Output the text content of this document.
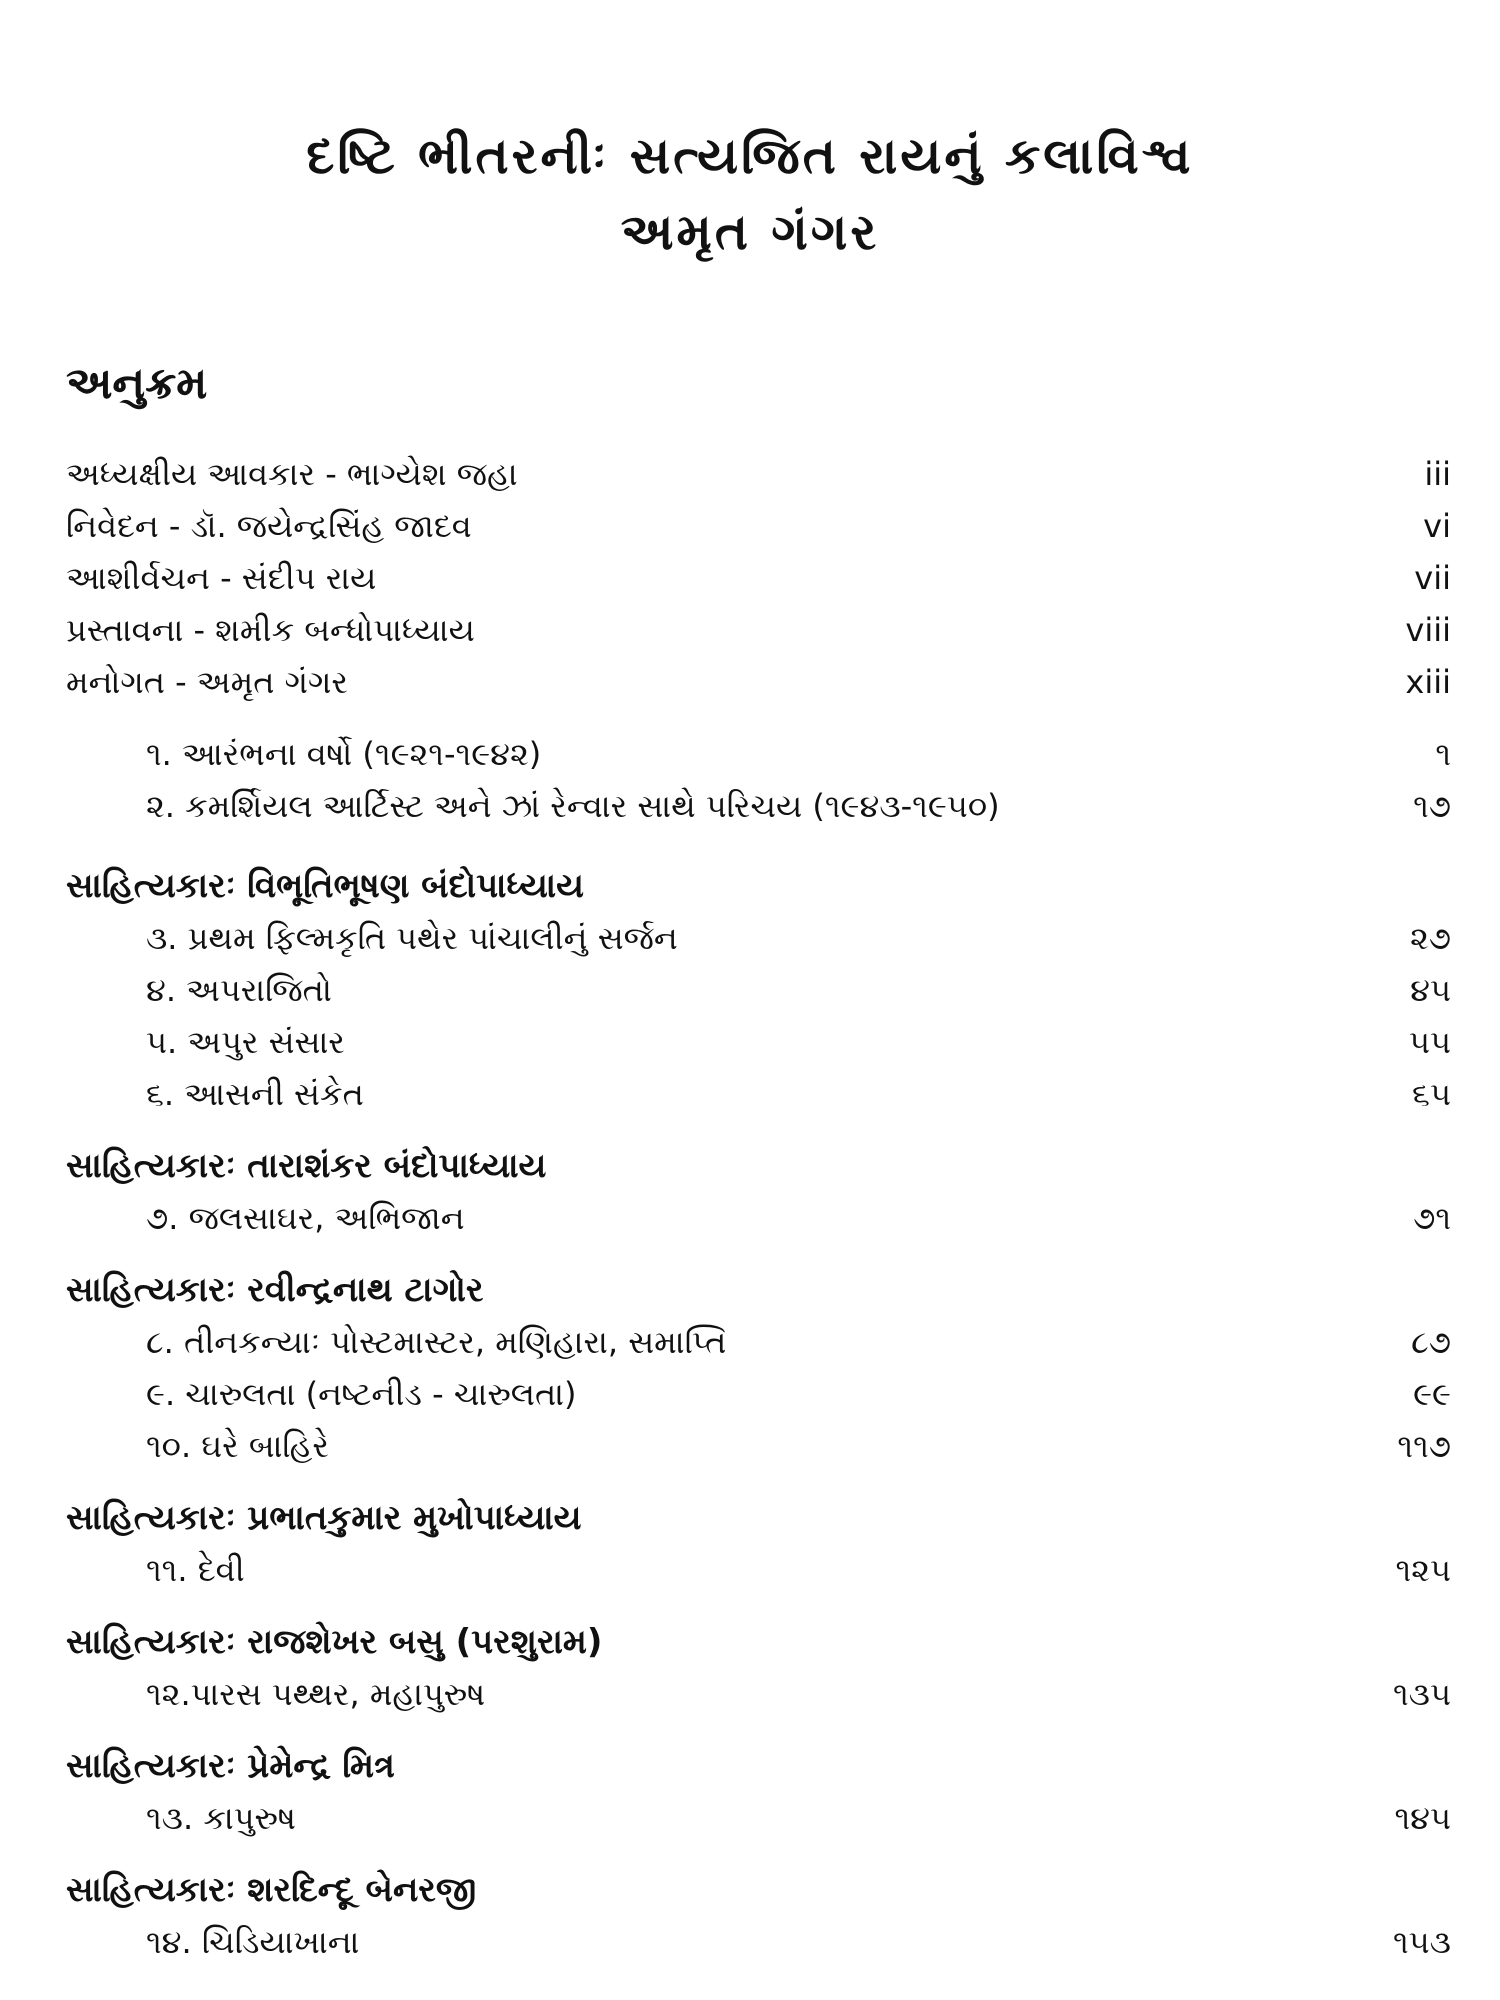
દષ્ટિ ભીતરનીઃ સત્યજિત રાયનું કલાવિશ્વ
અમૃત ગંગર
અનુક્રમ
અધ્યક્ષીય આવકાર - ભાગ્યેશ જહા	iii
નિવેદન - ડૉ. જયેન્દ્રસિંહ જાદવ	vi
આશીર્વચન - સંદીપ રાય	vii
પ્રસ્તાવના - શમીક બન્ધોપાધ્યાય	viii
મનોગત - અમૃત ગંગર	xiii
૧. આરંભના વર્ષો (૧૯૨૧-૧૯૪૨)	૧
૨. કમર્શિયલ આર્ટિસ્ટ અને ઝાં રેન્વાર સાથે પરિચય (૧૯૪૩-૧૯૫૦)	૧૭
સાહિત્યકારઃ વિભૂતિભૂષણ બંદોપાધ્યાય
૩. પ્રથમ ફિલ્મકૃતિ પથેર પાંચાલીનું સર્જન	૨૭
૪. અપરાજિતો	૪૫
૫. અપુર સંસાર	૫૫
૬. આસની સંકેત	૬૫
સાહિત્યકારઃ તારાશંકર બંદોપાધ્યાય
૭. જલસાઘર, અભિજાન	૭૧
સાહિત્યકારઃ રવીન્દ્રનાથ ટાગોર
૮. તીનકન્યાઃ પોસ્ટમાસ્ટર, મણિહારા, સમાપ્તિ	૮૭
૯. ચારુલતા (નષ્ટનીડ - ચારુલતા)	૯૯
૧૦. ઘરે બાહિરે	૧૧૭
સાહિત્યકારઃ પ્રભાતકુમાર મુખોપાધ્યાય
૧૧. દેવી	૧૨૫
સાહિત્યકારઃ રાજશેખર બસુ (પરશુરામ)
૧૨.પારસ પથ્થર, મહાપુરુષ	૧૩૫
સાહિત્યકારઃ પ્રેમેન્દ્ર મિત્ર
૧૩. કાપુરુષ	૧૪૫
સાહિત્યકારઃ શરદિન્દૂ બેનરજી
૧૪. ચિડિયાખાના	૧૫૩
